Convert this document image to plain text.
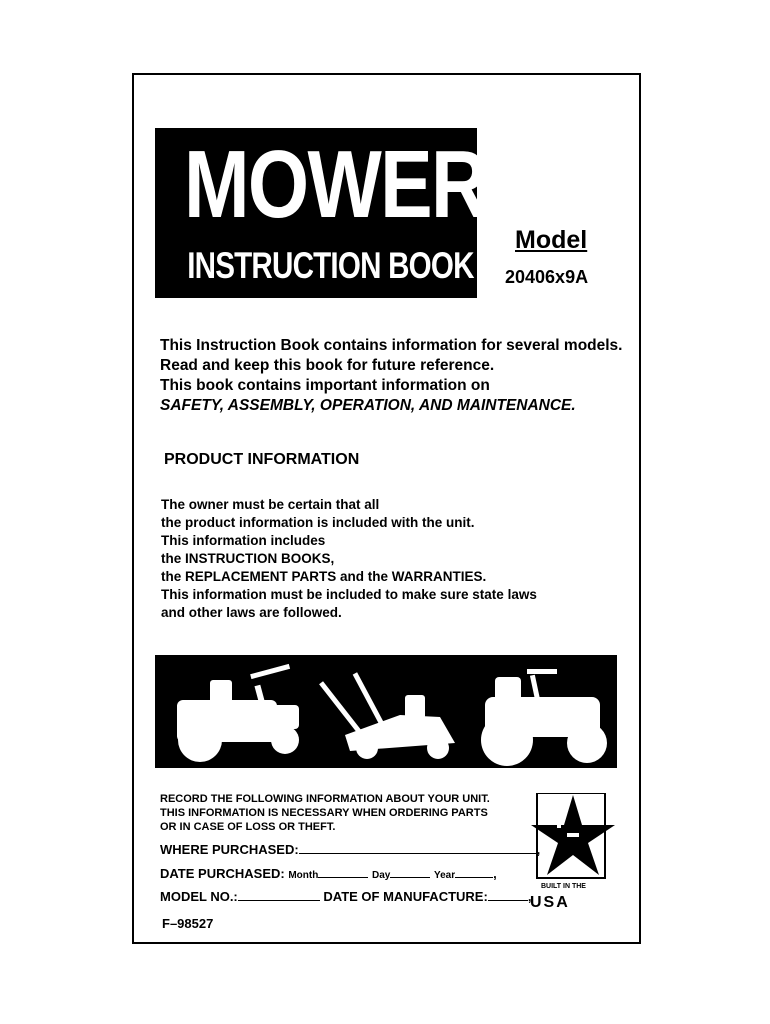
MOWER
INSTRUCTION BOOK
Model
20406x9A
This Instruction Book contains information for several models.
Read and keep this book for future reference.
This book contains important information on
SAFETY, ASSEMBLY, OPERATION, AND MAINTENANCE.
PRODUCT INFORMATION
The owner must be certain that all
the product information is included with the unit.
This information includes
the INSTRUCTION BOOKS,
the REPLACEMENT PARTS and the WARRANTIES.
This information must be included to make sure state laws
and other laws are followed.
RECORD THE FOLLOWING INFORMATION ABOUT YOUR UNIT.
THIS INFORMATION IS NECESSARY WHEN ORDERING PARTS
OR IN CASE OF LOSS OR THEFT.
WHERE PURCHASED:	,
DATE PURCHASED: Month	Day	Year	,
MODEL NO.:	DATE OF MANUFACTURE:	,
BUILT IN THE
USA
F–98527
